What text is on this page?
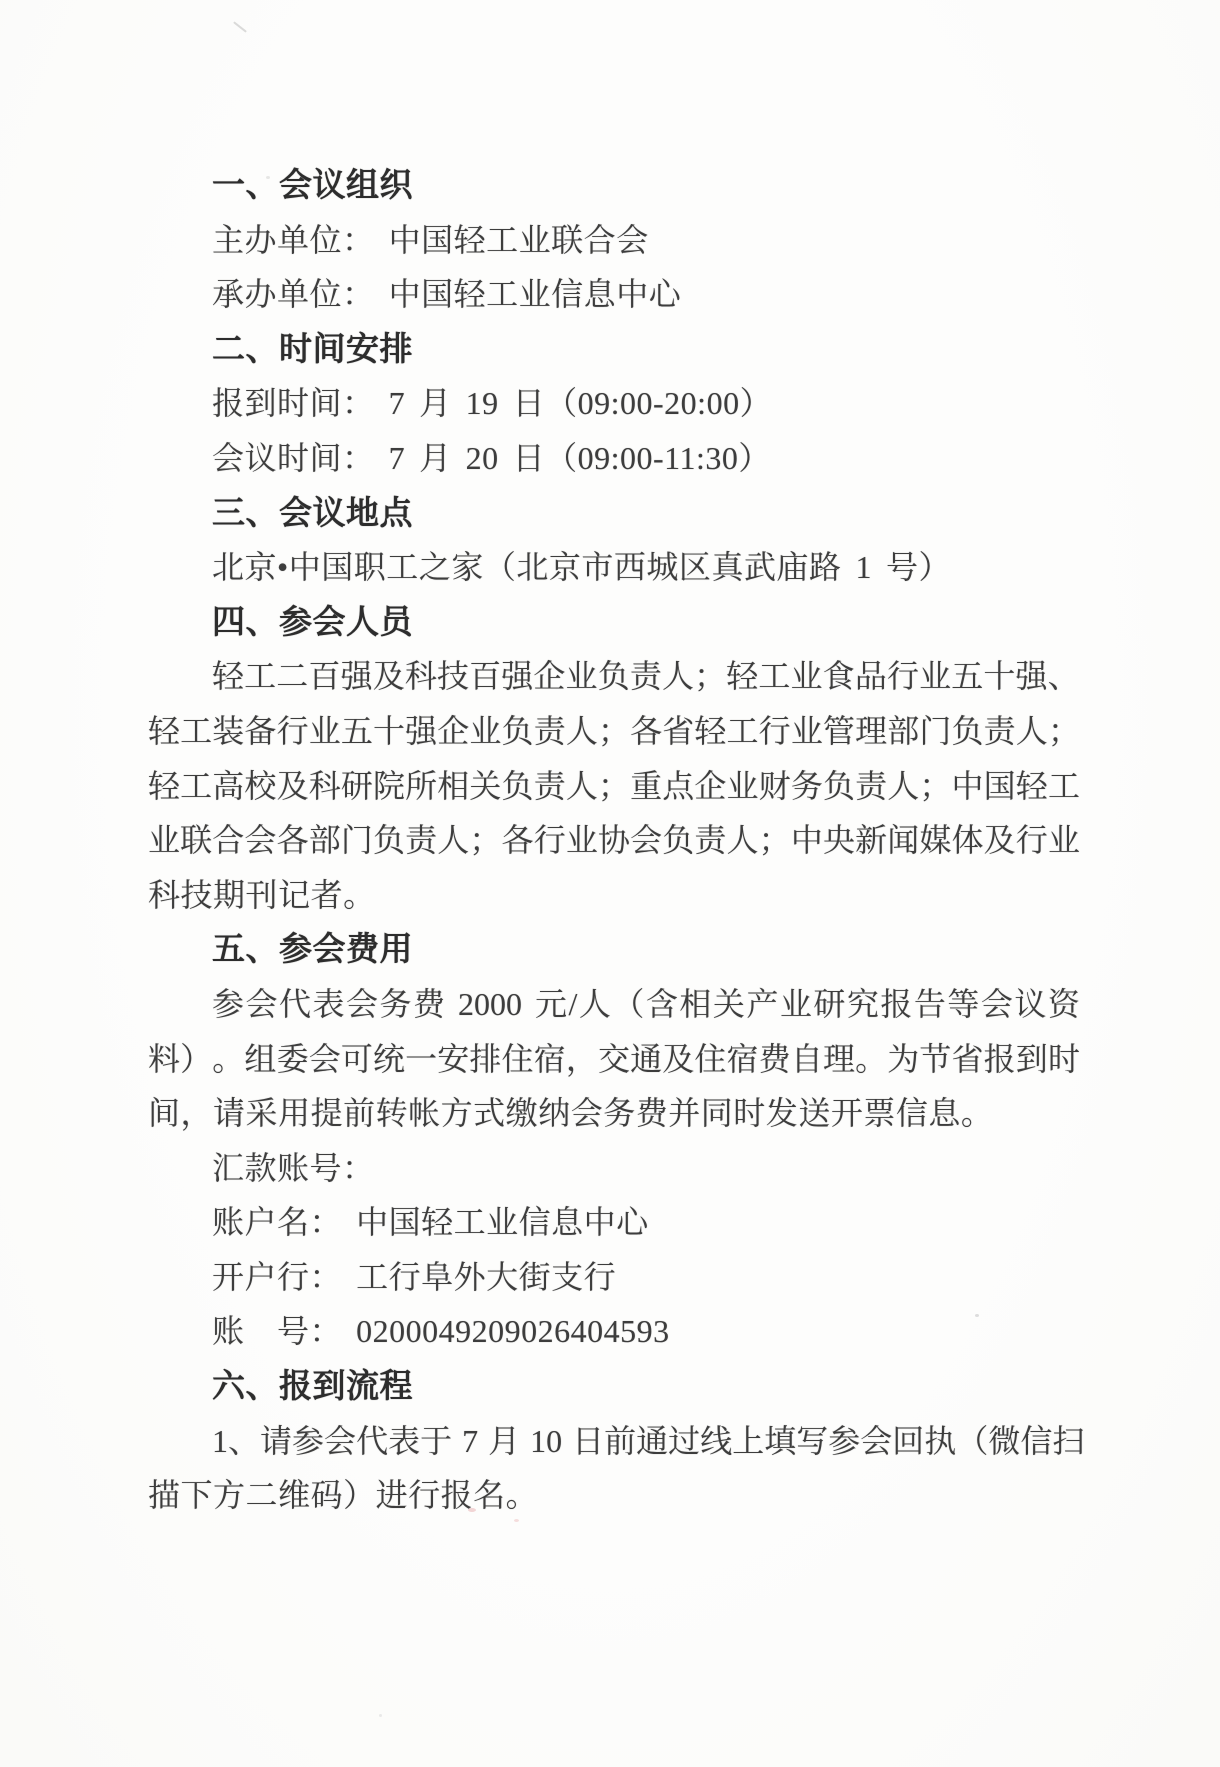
一、会议组织
主办单位： 中国轻工业联合会
承办单位： 中国轻工业信息中心
二、时间安排
报到时间： 7 月 19 日（09:00-20:00）
会议时间： 7 月 20 日（09:00-11:30）
三、会议地点
北京•中国职工之家（北京市西城区真武庙路 1 号）
四、参会人员
轻 工 二 百 强 及 科 技 百 强 企 业 负 责 人 ； 轻 工 业 食 品 行 业 五 十 强 、
轻 工 装 备 行 业 五 十 强 企 业 负 责 人 ； 各 省 轻 工 行 业 管 理 部 门 负 责 人 ；
轻 工 高 校 及 科 研 院 所 相 关 负 责 人 ； 重 点 企 业 财 务 负 责 人 ； 中 国 轻 工
业 联 合 会 各 部 门 负 责 人 ； 各 行 业 协 会 负 责 人 ； 中 央 新 闻 媒 体 及 行 业
科技期刊记者。
五、参会费用
参 会 代 表 会 务 费 2000 元 / 人 （ 含 相 关 产 业 研 究 报 告 等 会 议 资
料 ） 。 组 委 会 可 统 一 安 排 住 宿 ， 交 通 及 住 宿 费 自 理 。 为 节 省 报 到 时
间，请采用提前转帐方式缴纳会务费并同时发送开票信息。
汇款账号：
账户名： 中国轻工业信息中心
开户行： 工行阜外大街支行
账　 号： 0200049209026404593
六、报到流程
1 、 请 参 会 代 表 于 7 月 10 日 前 通 过 线 上 填 写 参 会 回 执 （ 微 信 扫
描下方二维码）进行报名。
